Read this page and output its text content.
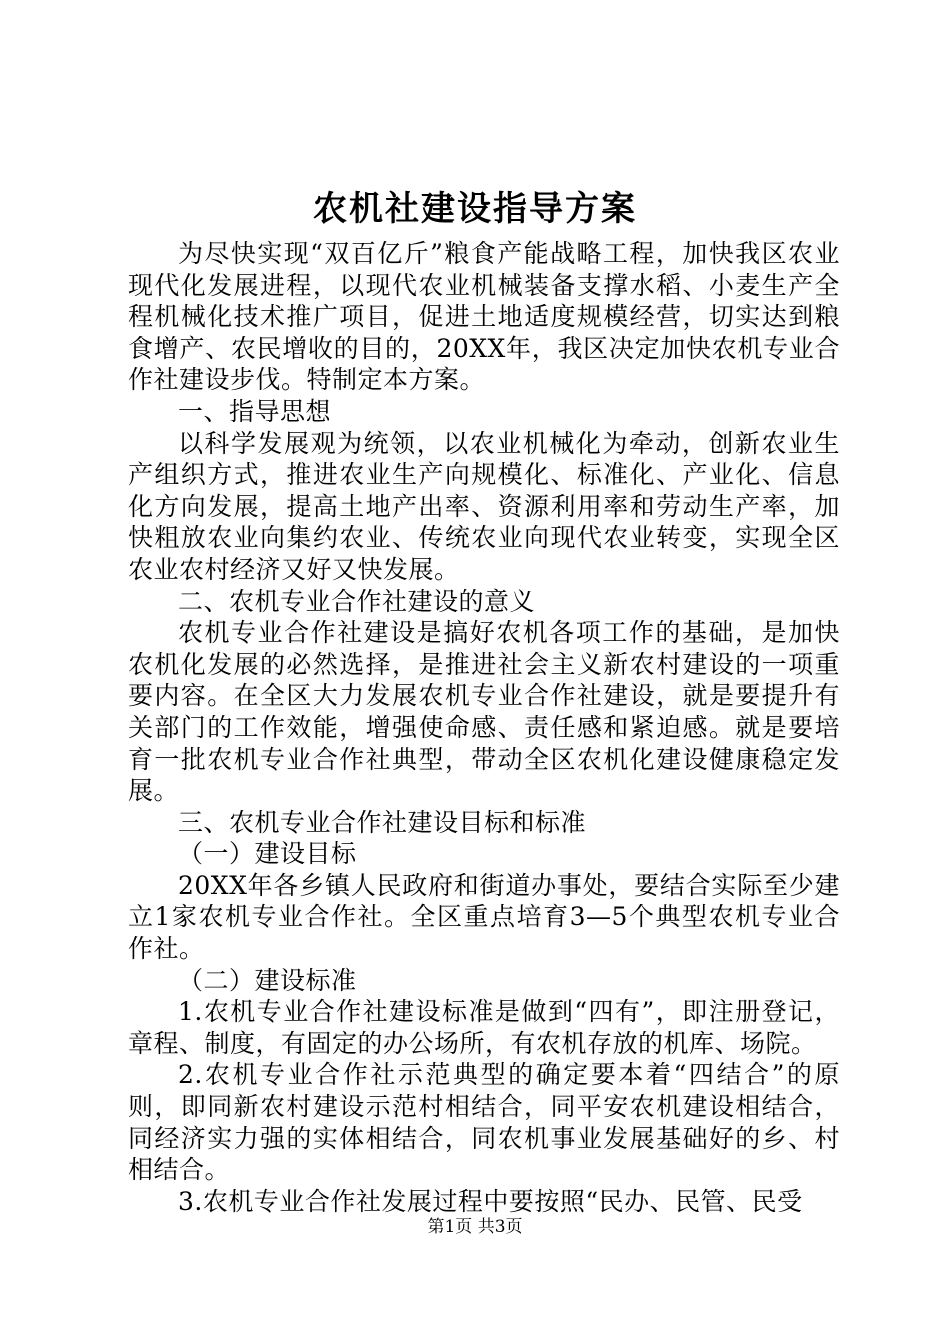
农机社建设指导方案

为尽快实现“双百亿斤”粮食产能战略工程，加快我区农业现代化发展进程，以现代农业机械装备支撑水稻、小麦生产全程机械化技术推广项目，促进土地适度规模经营，切实达到粮食增产、农民增收的目的，20XX年，我区决定加快农机专业合作社建设步伐。特制定本方案。

一、指导思想

以科学发展观为统领，以农业机械化为牵动，创新农业生产组织方式，推进农业生产向规模化、标准化、产业化、信息化方向发展，提高土地产出率、资源利用率和劳动生产率，加快粗放农业向集约农业、传统农业向现代农业转变，实现全区农业农村经济又好又快发展。

二、农机专业合作社建设的意义

农机专业合作社建设是搞好农机各项工作的基础，是加快农机化发展的必然选择，是推进社会主义新农村建设的一项重要内容。在全区大力发展农机专业合作社建设，就是要提升有关部门的工作效能，增强使命感、责任感和紧迫感。就是要培育一批农机专业合作社典型，带动全区农机化建设健康稳定发展。

三、农机专业合作社建设目标和标准

（一）建设目标

20XX年各乡镇人民政府和街道办事处，要结合实际至少建立1家农机专业合作社。全区重点培育3—5个典型农机专业合作社。

（二）建设标准

1.农机专业合作社建设标准是做到“四有”，即注册登记，章程、制度，有固定的办公场所，有农机存放的机库、场院。

2.农机专业合作社示范典型的确定要本着“四结合”的原则，即同新农村建设示范村相结合，同平安农机建设相结合，同经济实力强的实体相结合，同农机事业发展基础好的乡、村相结合。

3.农机专业合作社发展过程中要按照“民办、民管、民受

第1页 共3页
